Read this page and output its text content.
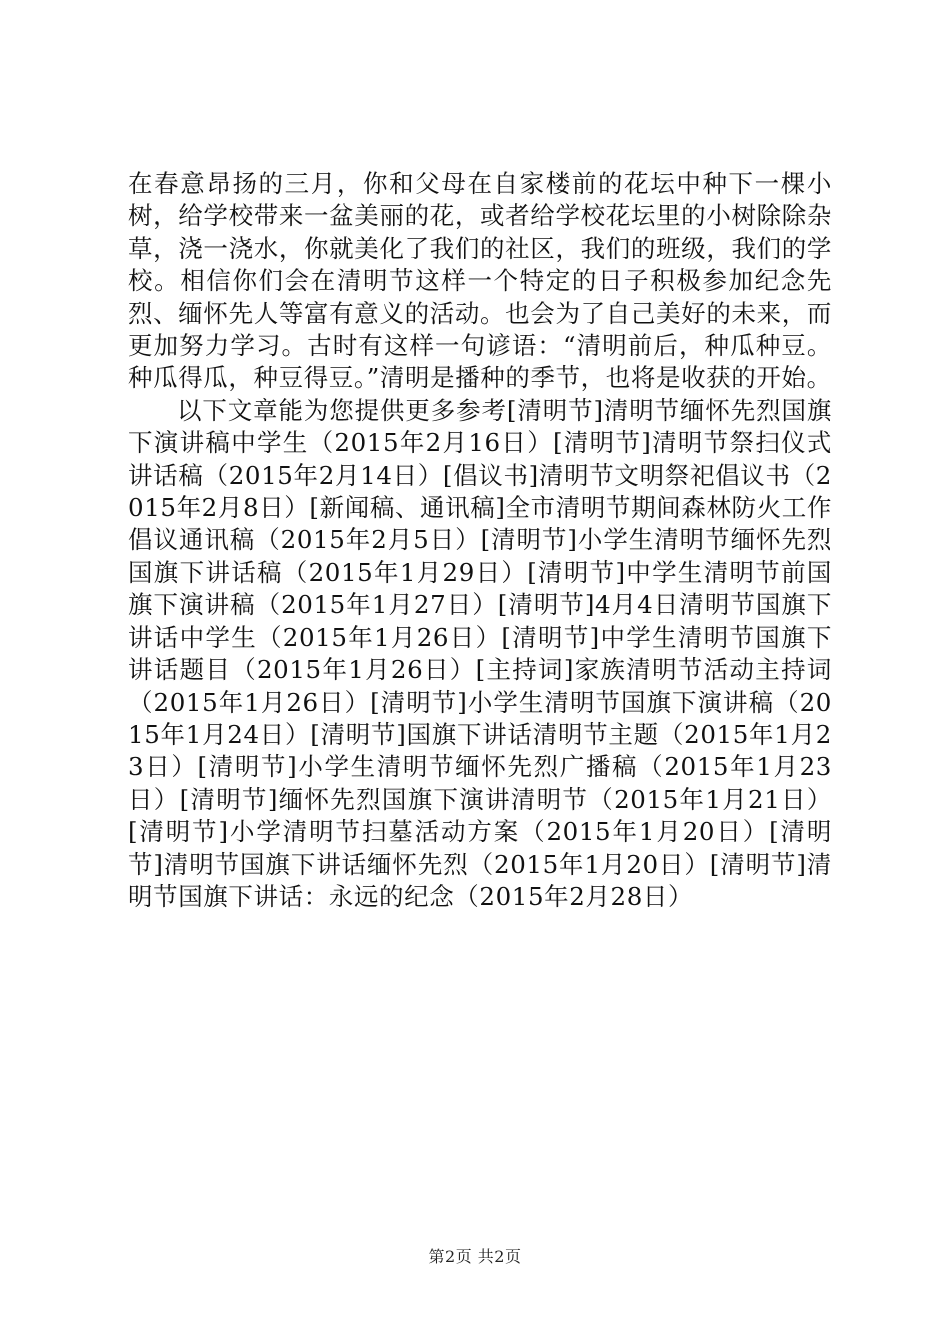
在春意昂扬的三月，你和父母在自家楼前的花坛中种下一棵小树，给学校带来一盆美丽的花，或者给学校花坛里的小树除除杂草，浇一浇水，你就美化了我们的社区，我们的班级，我们的学校。相信你们会在清明节这样一个特定的日子积极参加纪念先烈、缅怀先人等富有意义的活动。也会为了自己美好的未来，而更加努力学习。古时有这样一句谚语：“清明前后，种瓜种豆。种瓜得瓜，种豆得豆。”清明是播种的季节，也将是收获的开始。

以下文章能为您提供更多参考[清明节]清明节缅怀先烈国旗下演讲稿中学生（2015年2月16日）[清明节]清明节祭扫仪式讲话稿（2015年2月14日）[倡议书]清明节文明祭祀倡议书（2015年2月8日）[新闻稿、通讯稿]全市清明节期间森林防火工作倡议通讯稿（2015年2月5日）[清明节]小学生清明节缅怀先烈国旗下讲话稿（2015年1月29日）[清明节]中学生清明节前国旗下演讲稿（2015年1月27日）[清明节]4月4日清明节国旗下讲话中学生（2015年1月26日）[清明节]中学生清明节国旗下讲话题目（2015年1月26日）[主持词]家族清明节活动主持词（2015年1月26日）[清明节]小学生清明节国旗下演讲稿（2015年1月24日）[清明节]国旗下讲话清明节主题（2015年1月23日）[清明节]小学生清明节缅怀先烈广播稿（2015年1月23日）[清明节]缅怀先烈国旗下演讲清明节（2015年1月21日）[清明节]小学清明节扫墓活动方案（2015年1月20日）[清明节]清明节国旗下讲话缅怀先烈（2015年1月20日）[清明节]清明节国旗下讲话：永远的纪念（2015年2月28日）

第2页 共2页
